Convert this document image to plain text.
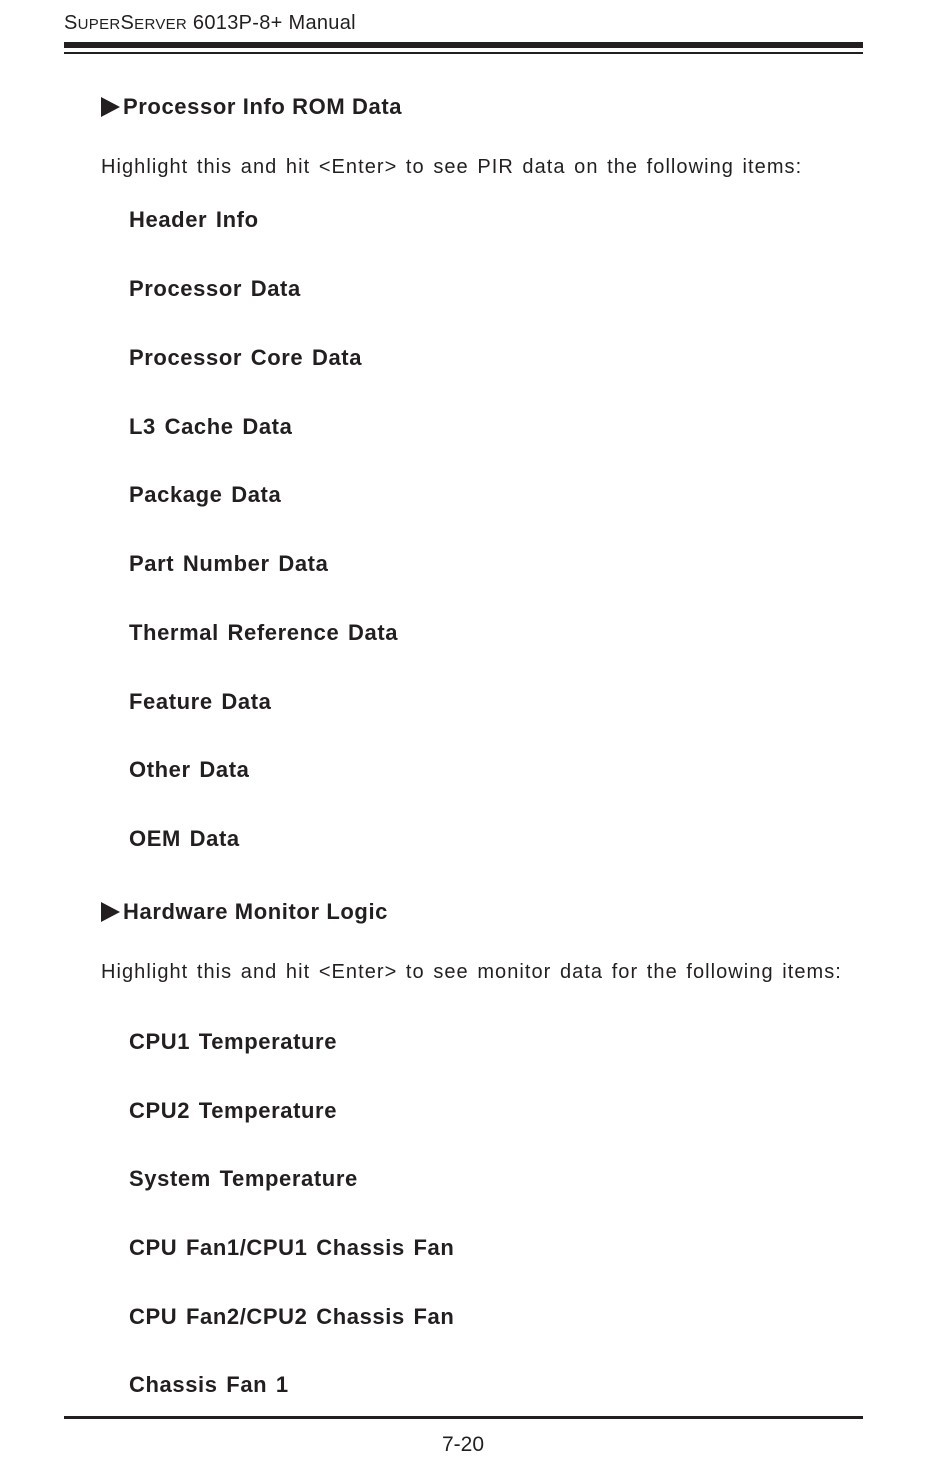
SUPERSERVER 6013P-8+ Manual
Processor Info ROM Data
Highlight this and hit <Enter> to see PIR data on the following items:
Header Info
Processor Data
Processor Core Data
L3 Cache Data
Package Data
Part Number Data
Thermal Reference Data
Feature Data
Other Data
OEM Data
Hardware Monitor Logic
Highlight this and hit <Enter> to see monitor data for the following items:
CPU1 Temperature
CPU2 Temperature
System Temperature
CPU Fan1/CPU1 Chassis Fan
CPU Fan2/CPU2 Chassis Fan
Chassis Fan 1
7-20
